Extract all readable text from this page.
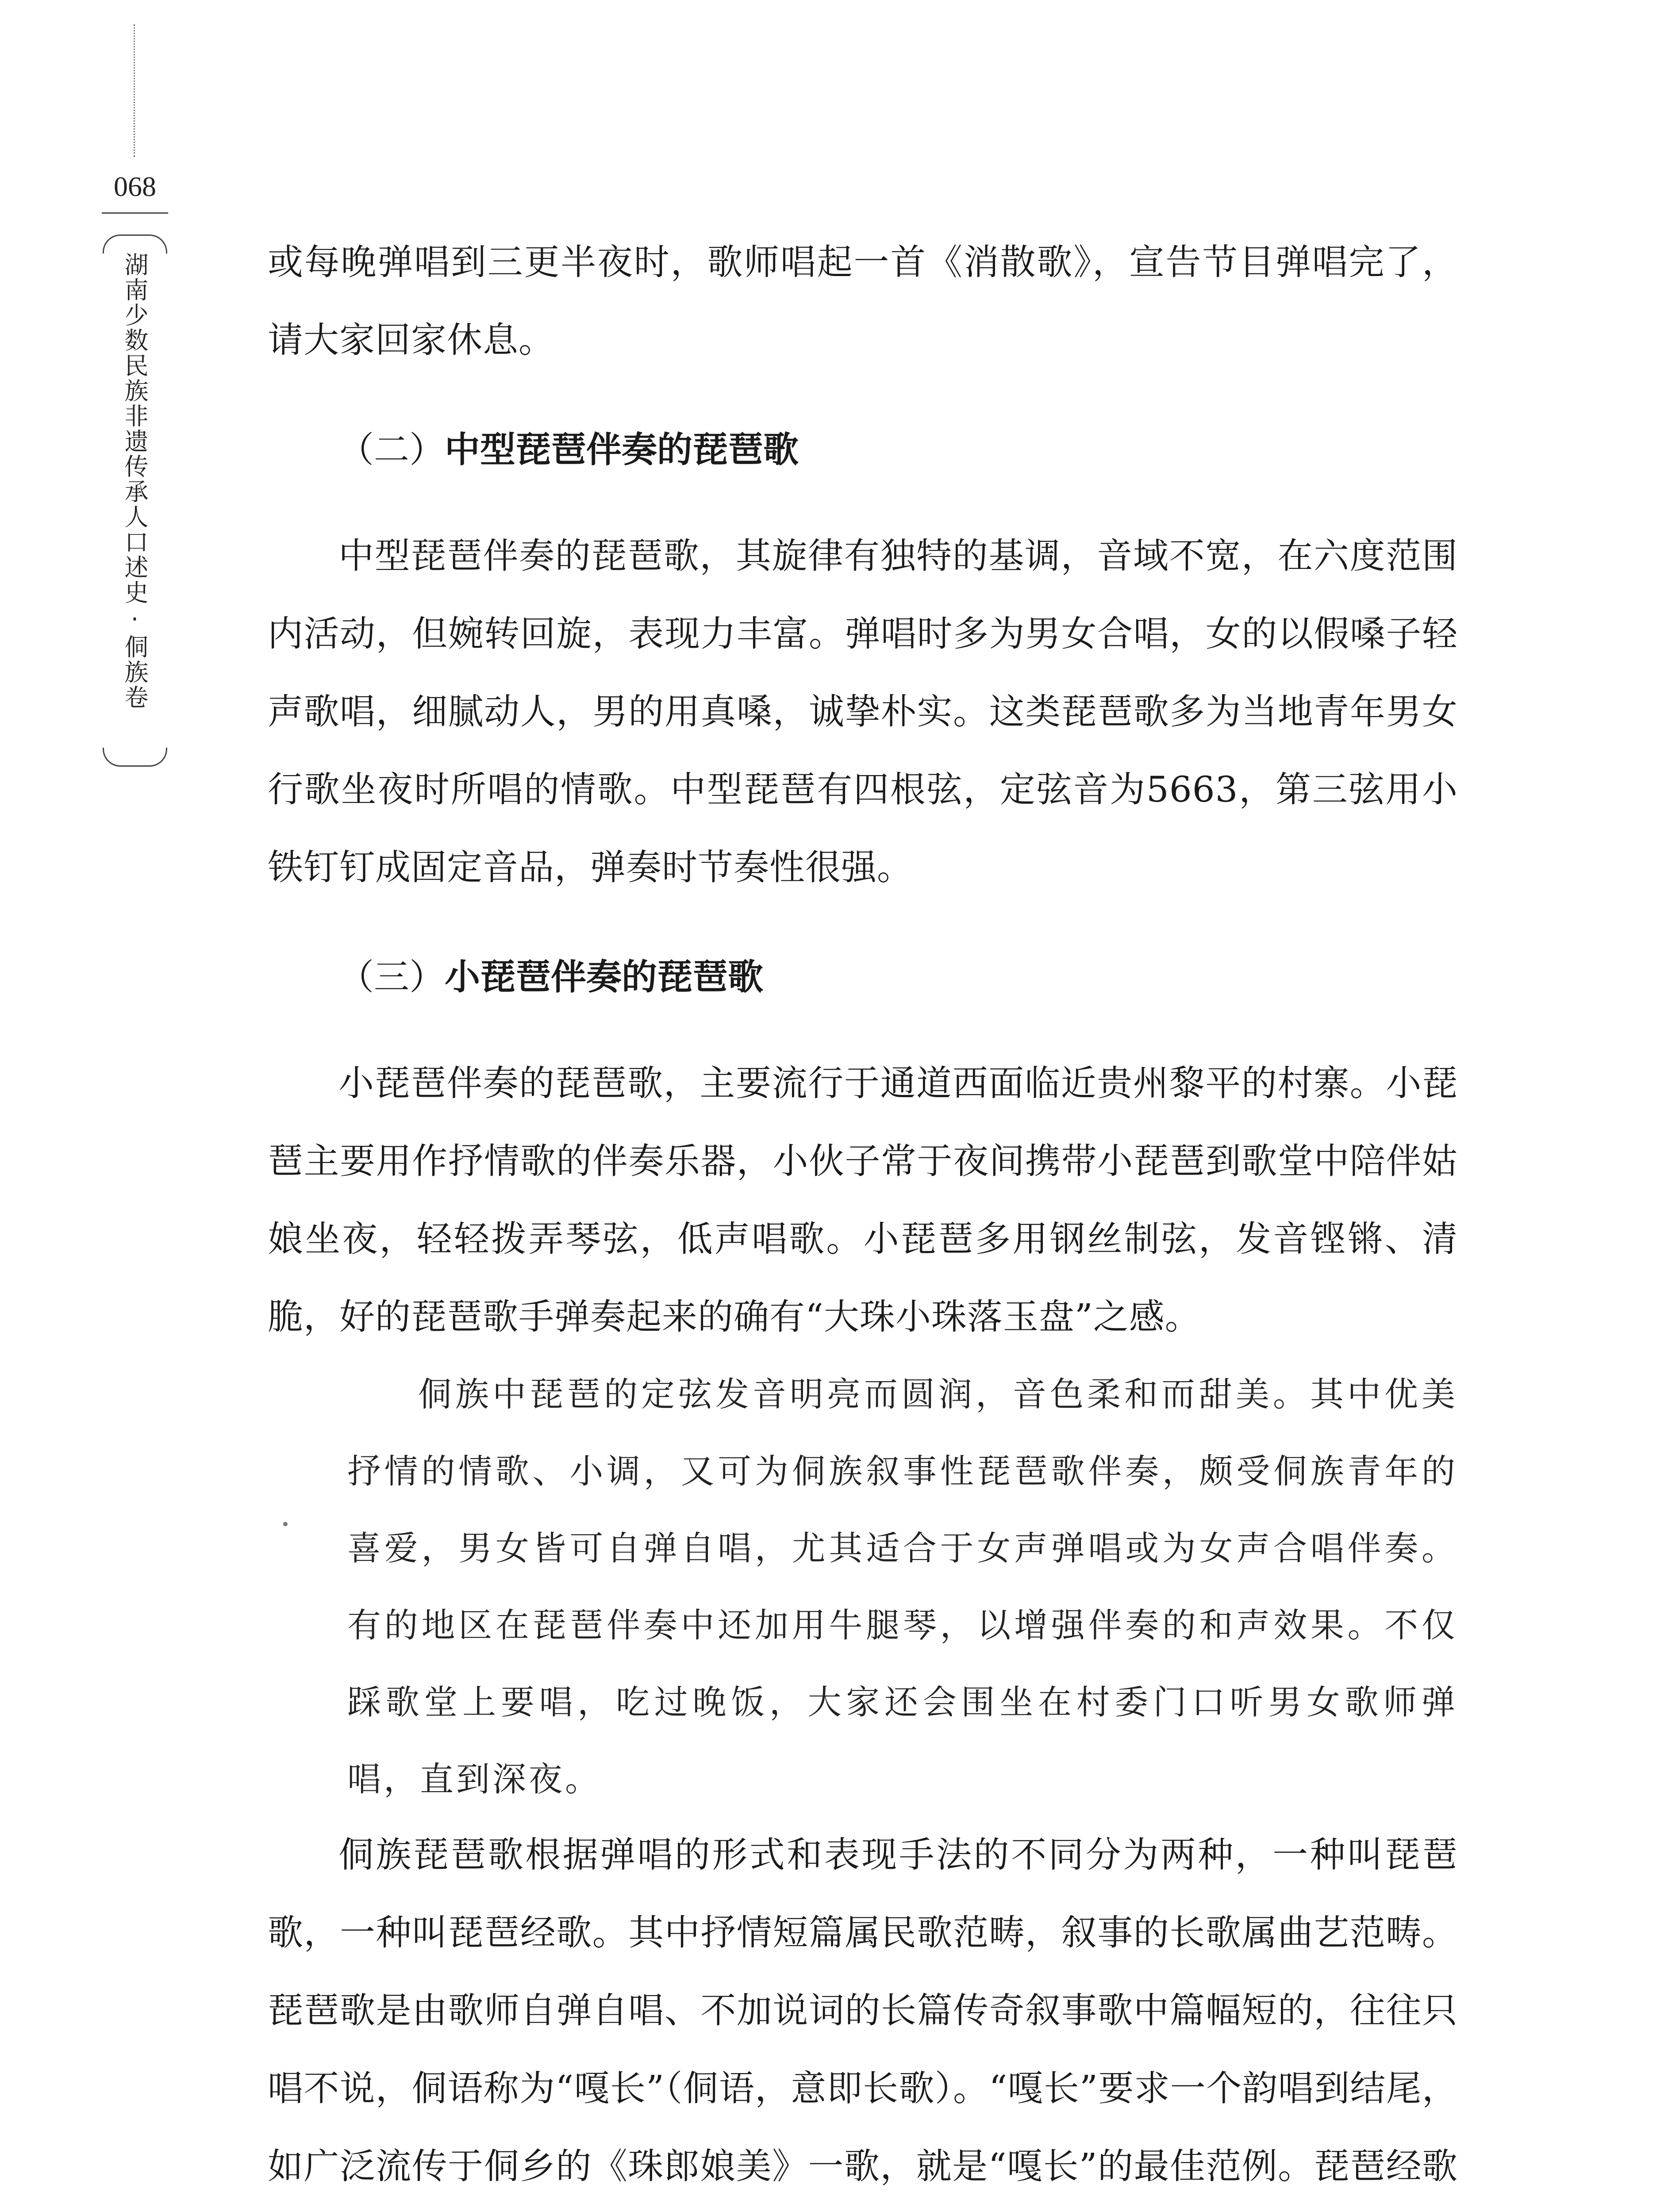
068
湖南少数民族非遗传承人口述史·侗族卷	或每晚弹唱到三更半夜时，歌师唱起一首《消散歌》，宣告节目弹唱完了，请大家回家休息。

（二）中型琵琶伴奏的琵琶歌

中型琵琶伴奏的琵琶歌，其旋律有独特的基调，音域不宽，在六度范围内活动，但婉转回旋，表现力丰富。弹唱时多为男女合唱，女的以假嗓子轻声歌唱，细腻动人，男的用真嗓，诚挚朴实。这类琵琶歌多为当地青年男女行歌坐夜时所唱的情歌。中型琵琶有四根弦，定弦音为5663，第三弦用小铁钉钉成固定音品，弹奏时节奏性很强。

（三）小琵琶伴奏的琵琶歌

小琵琶伴奏的琵琶歌，主要流行于通道西面临近贵州黎平的村寨。小琵琶主要用作抒情歌的伴奏乐器，小伙子常于夜间携带小琵琶到歌堂中陪伴姑娘坐夜，轻轻拨弄琴弦，低声唱歌。小琵琶多用钢丝制弦，发音铿锵、清脆，好的琵琶歌手弹奏起来的确有“大珠小珠落玉盘”之感。

侗族中琵琶的定弦发音明亮而圆润，音色柔和而甜美。其中优美抒情的情歌、小调，又可为侗族叙事性琵琶歌伴奏，颇受侗族青年的喜爱，男女皆可自弹自唱，尤其适合于女声弹唱或为女声合唱伴奏。有的地区在琵琶伴奏中还加用牛腿琴，以增强伴奏的和声效果。不仅踩歌堂上要唱，吃过晚饭，大家还会围坐在村委门口听男女歌师弹唱，直到深夜。

侗族琵琶歌根据弹唱的形式和表现手法的不同分为两种，一种叫琵琶歌，一种叫琵琶经歌。其中抒情短篇属民歌范畴，叙事的长歌属曲艺范畴。琵琶歌是由歌师自弹自唱、不加说词的长篇传奇叙事歌中篇幅短的，往往只唱不说，侗语称为“嘎长”（侗语，意即长歌）。“嘎长”要求一个韵唱到结尾，如广泛流传于侗乡的《珠郎娘美》一歌，就是“嘎长”的最佳范例。琵琶经歌
